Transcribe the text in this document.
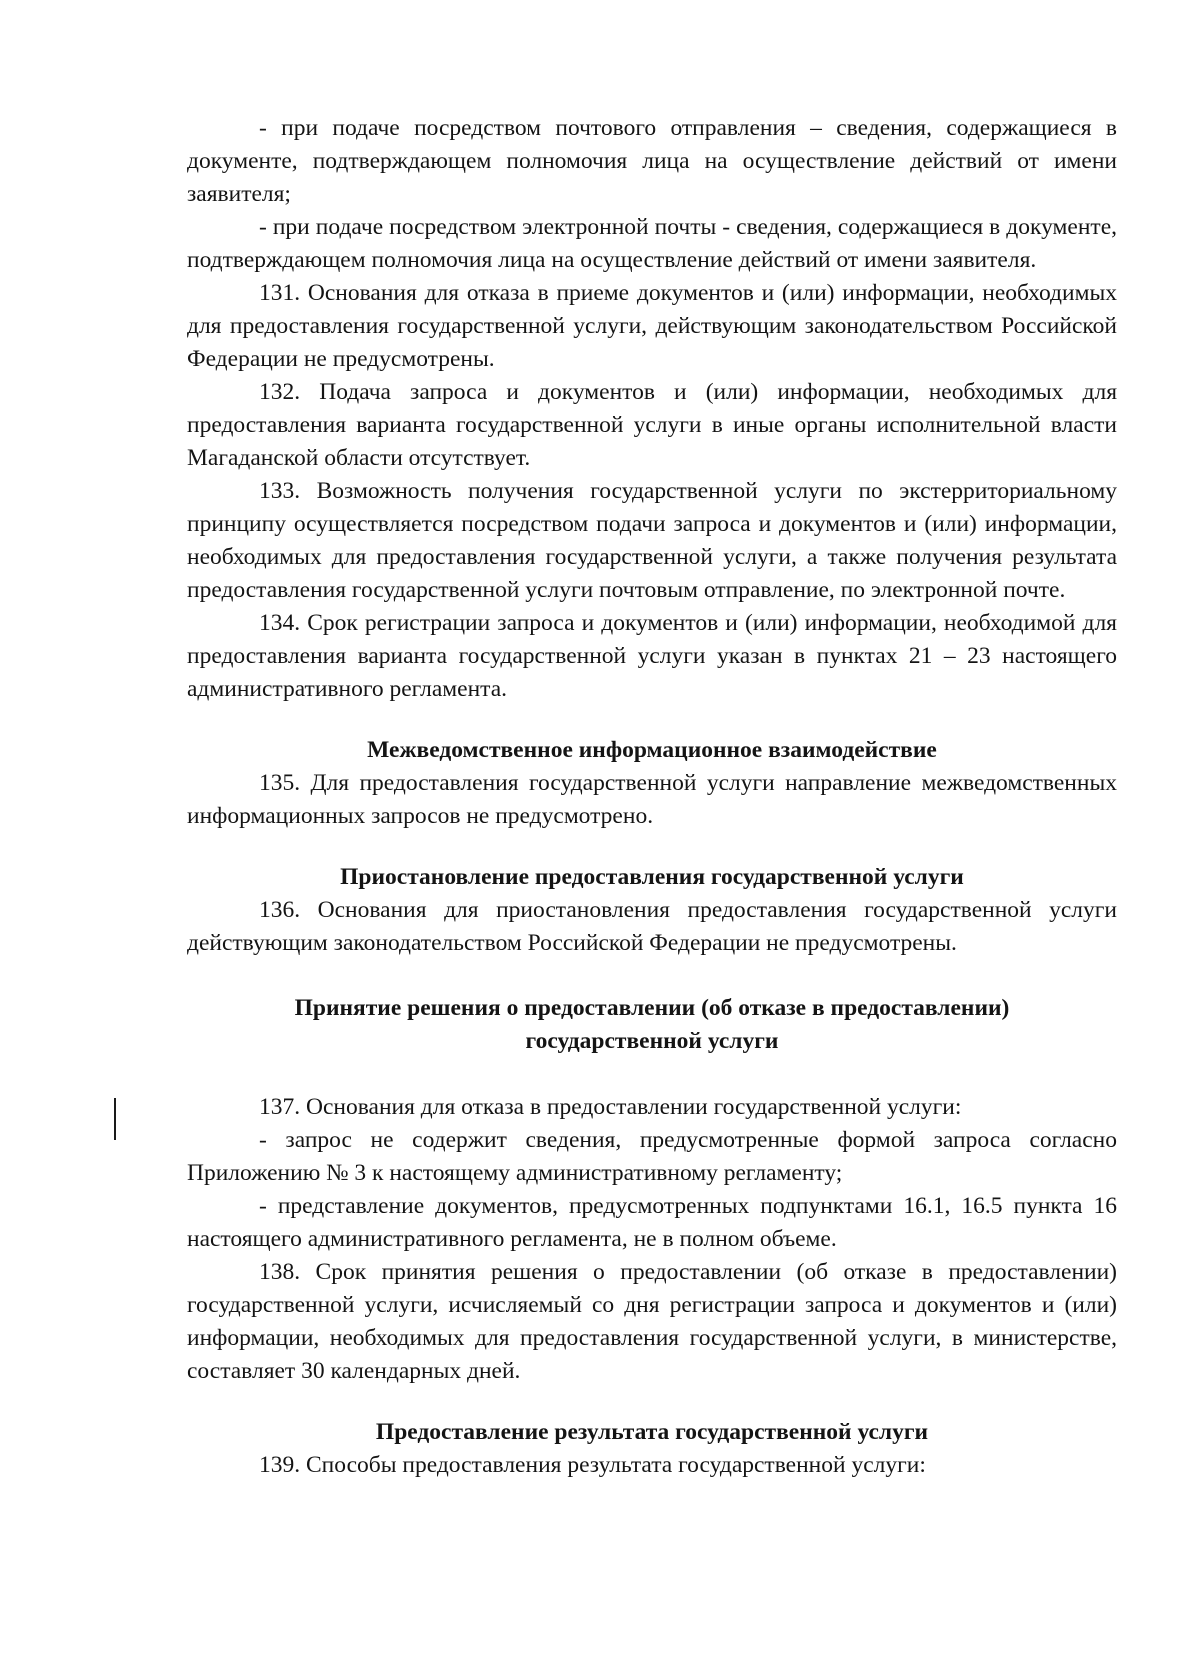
- при подаче посредством почтового отправления – сведения, содержащиеся в документе, подтверждающем полномочия лица на осуществление действий от имени заявителя;

- при подаче посредством электронной почты - сведения, содержащиеся в документе, подтверждающем полномочия лица на осуществление действий от имени заявителя.

131. Основания для отказа в приеме документов и (или) информации, необходимых для предоставления государственной услуги, действующим законодательством Российской Федерации не предусмотрены.

132. Подача запроса и документов и (или) информации, необходимых для предоставления варианта государственной услуги в иные органы исполнительной власти Магаданской области отсутствует.

133. Возможность получения государственной услуги по экстерриториальному принципу осуществляется посредством подачи запроса и документов и (или) информации, необходимых для предоставления государственной услуги, а также получения результата предоставления государственной услуги почтовым отправление, по электронной почте.

134. Срок регистрации запроса и документов и (или) информации, необходимой для предоставления варианта государственной услуги указан в пунктах 21 – 23 настоящего административного регламента.

Межведомственное информационное взаимодействие

135. Для предоставления государственной услуги направление межведомственных информационных запросов не предусмотрено.

Приостановление предоставления государственной услуги

136. Основания для приостановления предоставления государственной услуги действующим законодательством Российской Федерации не предусмотрены.

Принятие решения о предоставлении (об отказе в предоставлении)
государственной услуги

137. Основания для отказа в предоставлении государственной услуги:

- запрос не содержит сведения, предусмотренные формой запроса согласно Приложению № 3 к настоящему административному регламенту;

- представление документов, предусмотренных подпунктами 16.1, 16.5 пункта 16 настоящего административного регламента, не в полном объеме.

138. Срок принятия решения о предоставлении (об отказе в предоставлении) государственной услуги, исчисляемый со дня регистрации запроса и документов и (или) информации, необходимых для предоставления государственной услуги, в министерстве, составляет 30 календарных дней.

Предоставление результата государственной услуги

139. Способы предоставления результата государственной услуги:
